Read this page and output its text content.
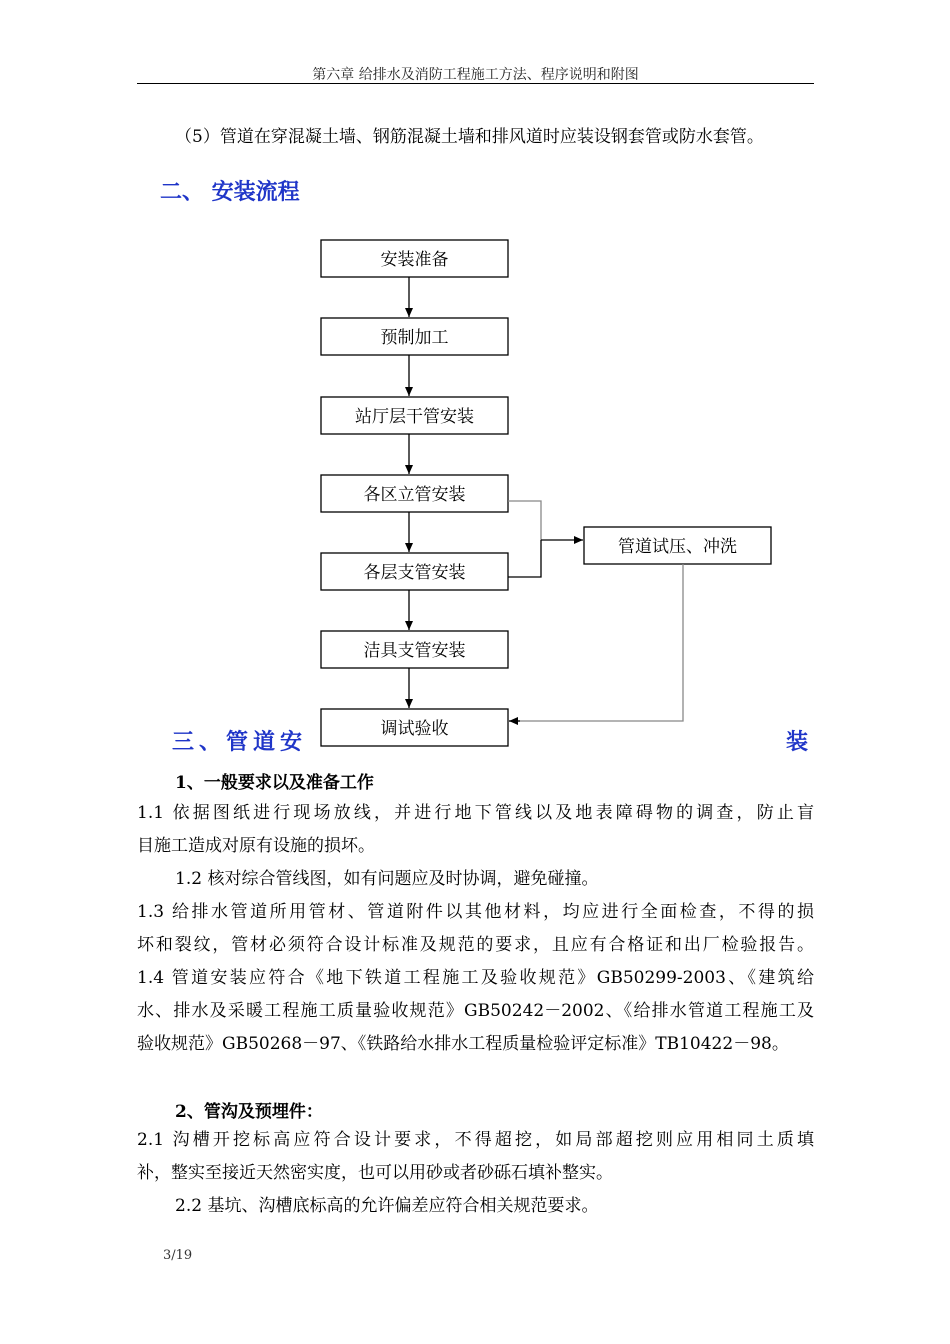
第六章 给排水及消防工程施工方法、程序说明和附图
（5）管道在穿混凝土墙、钢筋混凝土墙和排风道时应装设钢套管或防水套管。
二、 安装流程
安装准备
预制加工
站厅层干管安装
各区立管安装
各层支管安装
洁具支管安装
调试验收
管道试压、冲洗
三、管道安	装
1、一般要求以及准备工作
1.1 依据图纸进行现场放线，并进行地下管线以及地表障碍物的调查，防止盲
目施工造成对原有设施的损坏。
1.2 核对综合管线图，如有问题应及时协调，避免碰撞。
1.3 给排水管道所用管材、管道附件以其他材料，均应进行全面检查，不得的损
坏和裂纹，管材必须符合设计标准及规范的要求，且应有合格证和出厂检验报告。
1.4 管道安装应符合《地下铁道工程施工及验收规范》GB50299-2003、《建筑给
水、排水及采暖工程施工质量验收规范》GB50242－2002、《给排水管道工程施工及
验收规范》GB50268－97、《铁路给水排水工程质量检验评定标准》TB10422－98。
2、管沟及预埋件：
2.1 沟槽开挖标高应符合设计要求，不得超挖，如局部超挖则应用相同土质填
补，整实至接近天然密实度，也可以用砂或者砂砾石填补整实。
2.2 基坑、沟槽底标高的允许偏差应符合相关规范要求。
3/19
